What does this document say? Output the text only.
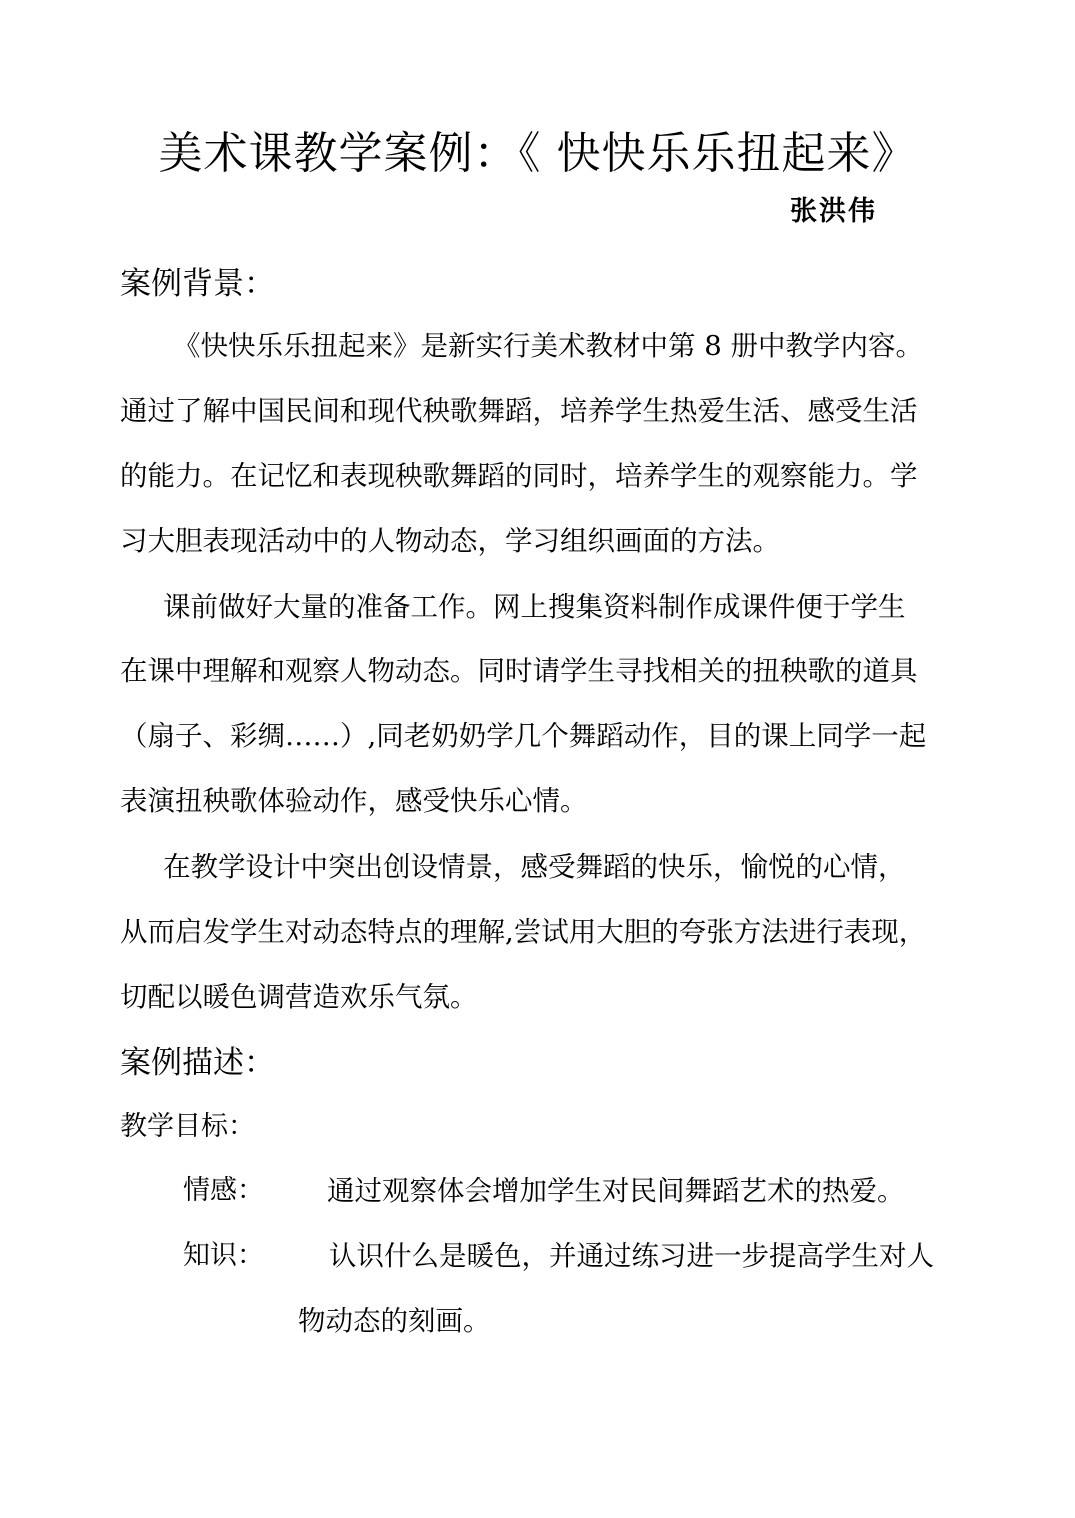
美术课教学案例：《 快快乐乐扭起来》
张洪伟
案例背景：
《快快乐乐扭起来》是新实行美术教材中第 8 册中教学内容。
通过了解中国民间和现代秧歌舞蹈，培养学生热爱生活、感受生活
的能力。在记忆和表现秧歌舞蹈的同时，培养学生的观察能力。学
习大胆表现活动中的人物动态，学习组织画面的方法。
课前做好大量的准备工作。网上搜集资料制作成课件便于学生
在课中理解和观察人物动态。同时请学生寻找相关的扭秧歌的道具
（扇子、彩绸……）,同老奶奶学几个舞蹈动作，目的课上同学一起
表演扭秧歌体验动作，感受快乐心情。
在教学设计中突出创设情景，感受舞蹈的快乐，愉悦的心情，
从而启发学生对动态特点的理解,尝试用大胆的夸张方法进行表现，
切配以暖色调营造欢乐气氛。
案例描述：
教学目标：
情感： 通过观察体会增加学生对民间舞蹈艺术的热爱。
知识： 认识什么是暖色，并通过练习进一步提高学生对人
物动态的刻画。
